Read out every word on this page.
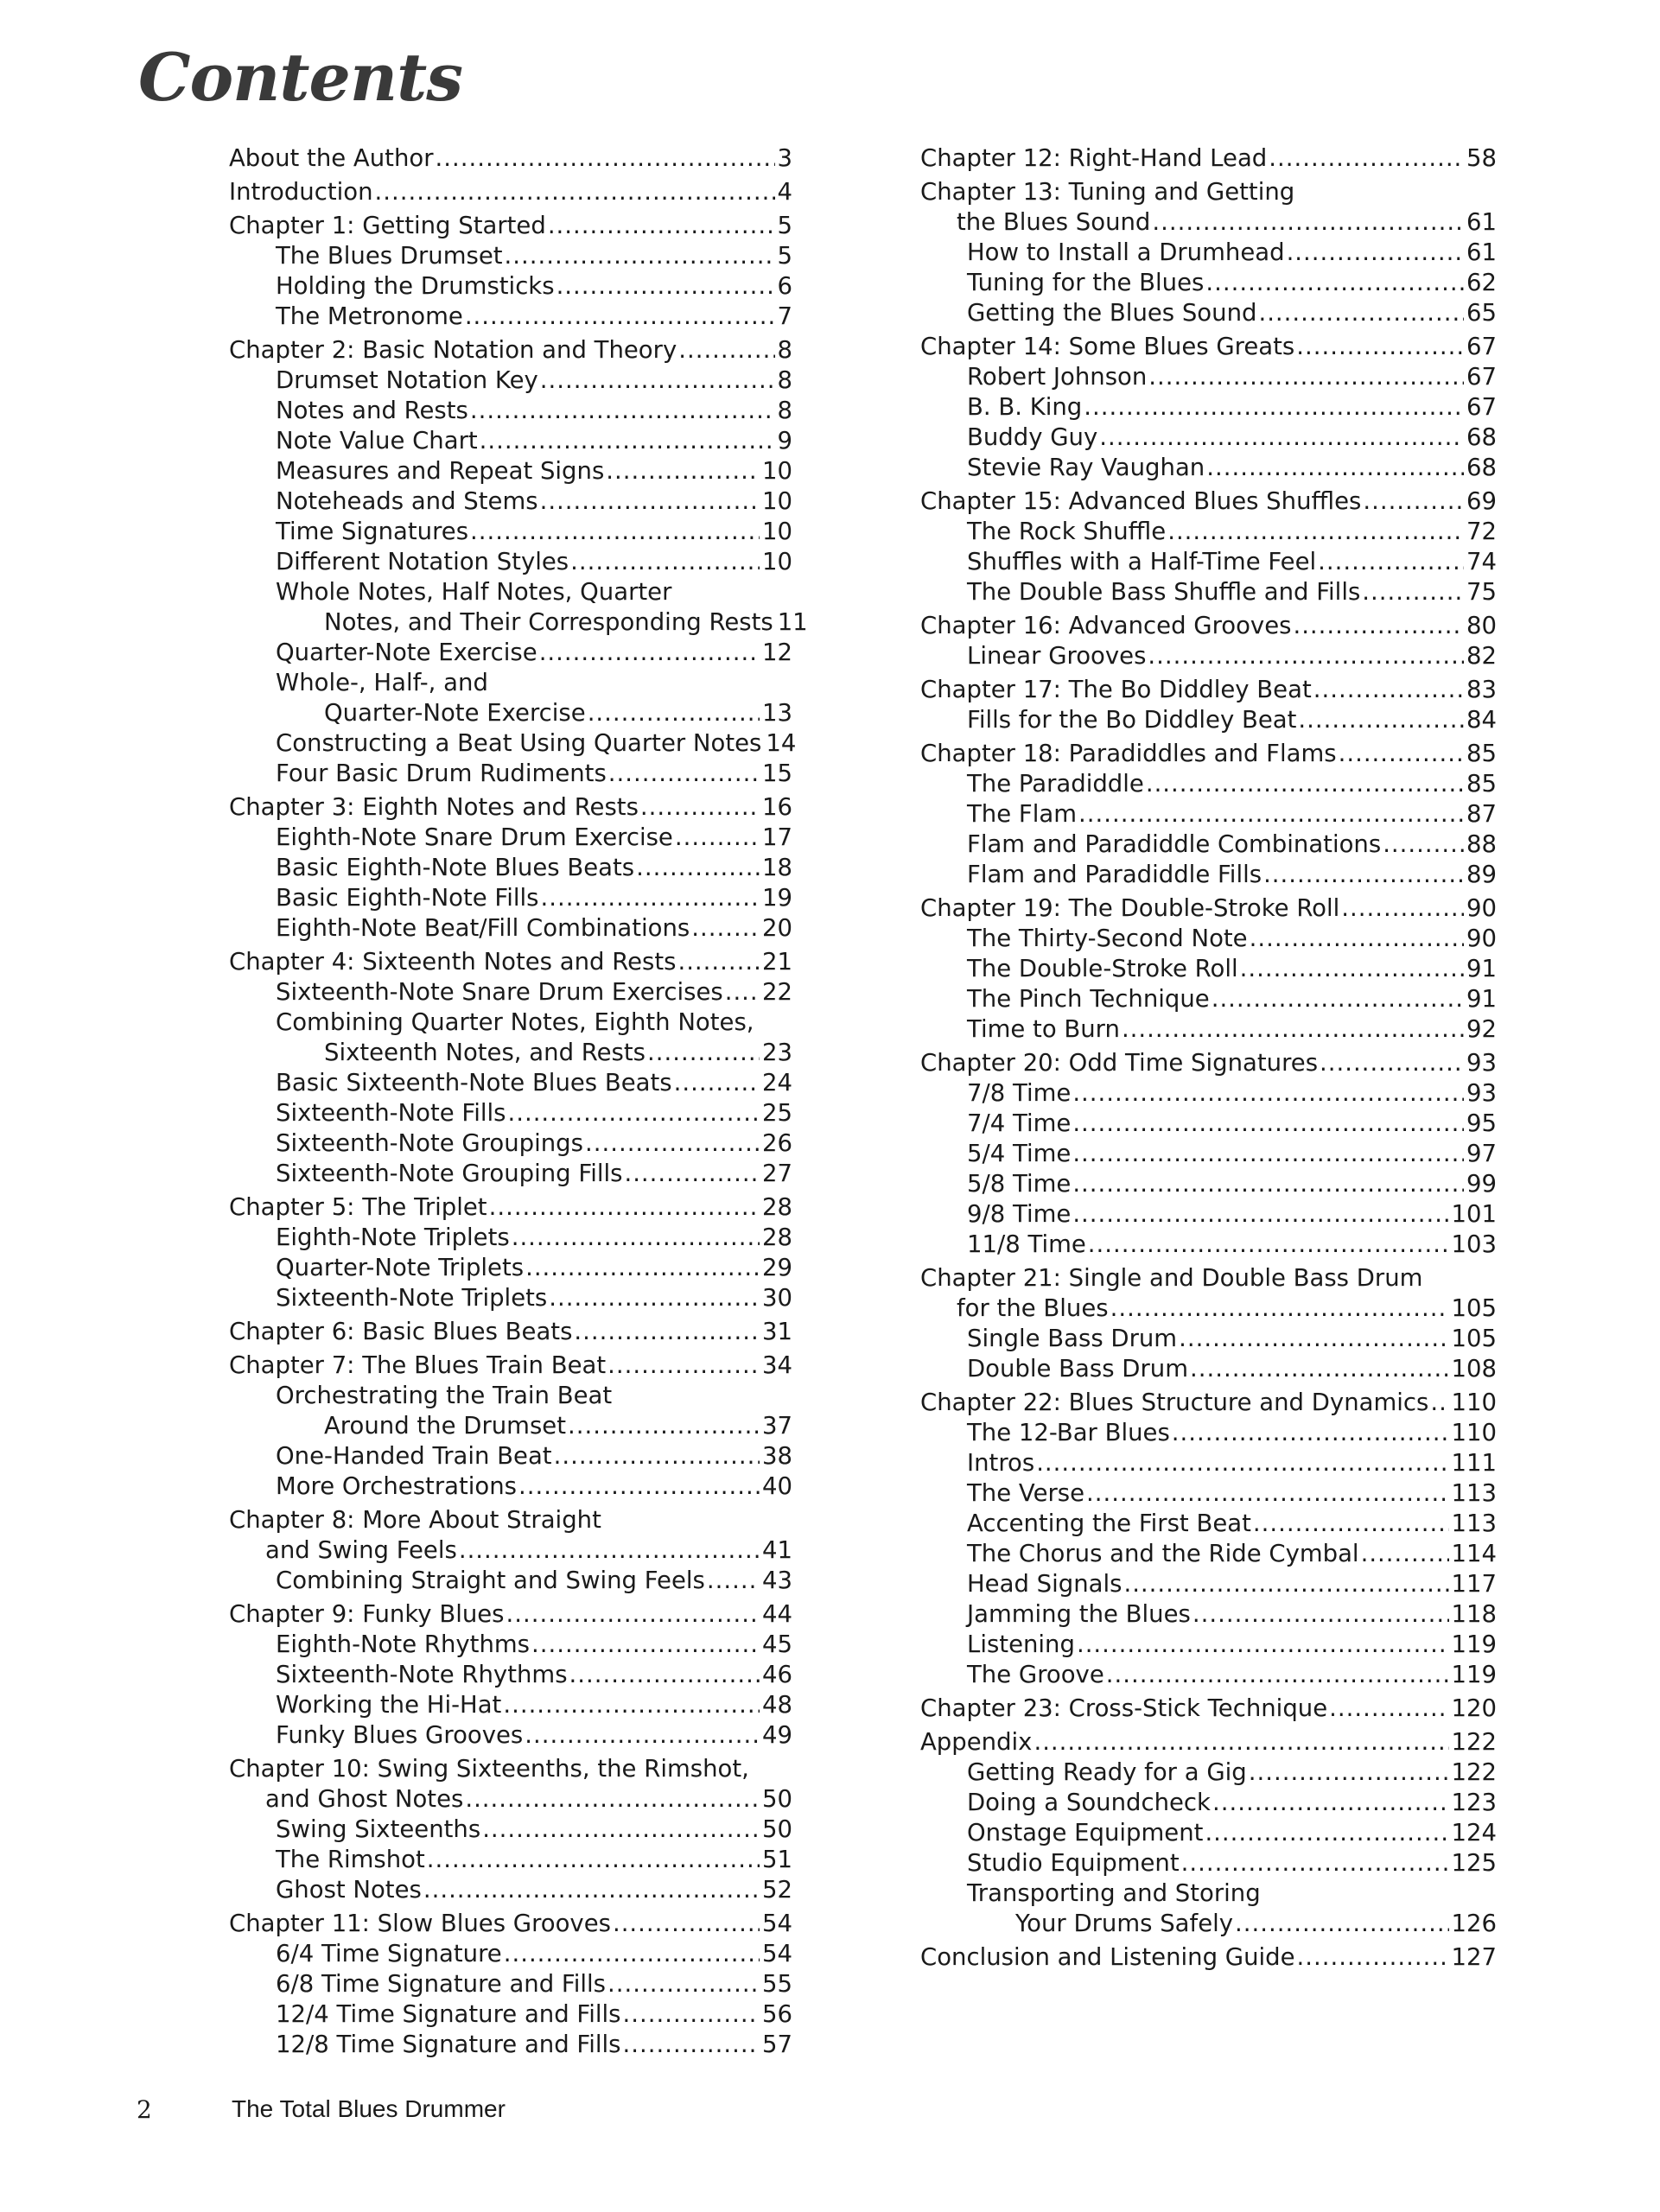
Contents
About the Author .....	3
Introduction .....	4
Chapter 1: Getting Started .....	5
The Blues Drumset .....	5
Holding the Drumsticks .....	6
The Metronome .....	7
Chapter 2: Basic Notation and Theory .....	8
Drumset Notation Key .....	8
Notes and Rests .....	8
Note Value Chart .....	9
Measures and Repeat Signs .....	10
Noteheads and Stems .....	10
Time Signatures .....	10
Different Notation Styles .....	10
Whole Notes, Half Notes, Quarter
Notes, and Their Corresponding Rests 11
Quarter-Note Exercise .....	12
Whole-, Half-, and
Quarter-Note Exercise .....	13
Constructing a Beat Using Quarter Notes 14
Four Basic Drum Rudiments .....	15
Chapter 3: Eighth Notes and Rests .....	16
Eighth-Note Snare Drum Exercise .....	17
Basic Eighth-Note Blues Beats .....	18
Basic Eighth-Note Fills .....	19
Eighth-Note Beat/Fill Combinations .....	20
Chapter 4: Sixteenth Notes and Rests .....	21
Sixteenth-Note Snare Drum Exercises ..... 22
Combining Quarter Notes, Eighth Notes,
Sixteenth Notes, and Rests .....	23
Basic Sixteenth-Note Blues Beats .....	24
Sixteenth-Note Fills .....	25
Sixteenth-Note Groupings .....	26
Sixteenth-Note Grouping Fills .....	27
Chapter 5: The Triplet .....	28
Eighth-Note Triplets .....	28
Quarter-Note Triplets .....	29
Sixteenth-Note Triplets .....	30
Chapter 6: Basic Blues Beats .....	31
Chapter 7: The Blues Train Beat .....	34
Orchestrating the Train Beat
Around the Drumset .....	37
One-Handed Train Beat .....	38
More Orchestrations .....	40
Chapter 8: More About Straight
and Swing Feels .....	41
Combining Straight and Swing Feels ..... 43
Chapter 9: Funky Blues .....	44
Eighth-Note Rhythms .....	45
Sixteenth-Note Rhythms .....	46
Working the Hi-Hat .....	48
Funky Blues Grooves .....	49
Chapter 10: Swing Sixteenths, the Rimshot,
and Ghost Notes .....	50
Swing Sixteenths .....	50
The Rimshot .....	51
Ghost Notes .....	52
Chapter 11: Slow Blues Grooves .....	54
6/4 Time Signature .....	54
6/8 Time Signature and Fills .....	55
12/4 Time Signature and Fills .....	56
12/8 Time Signature and Fills .....	57
Chapter 12: Right-Hand Lead .....	58
Chapter 13: Tuning and Getting
the Blues Sound .....	61
How to Install a Drumhead .....	61
Tuning for the Blues .....	62
Getting the Blues Sound .....	65
Chapter 14: Some Blues Greats .....	67
Robert Johnson .....	67
B. B. King .....	67
Buddy Guy .....	68
Stevie Ray Vaughan .....	68
Chapter 15: Advanced Blues Shuffles .....	69
The Rock Shuffle .....	72
Shuffles with a Half-Time Feel .....	74
The Double Bass Shuffle and Fills .....	75
Chapter 16: Advanced Grooves .....	80
Linear Grooves .....	82
Chapter 17: The Bo Diddley Beat .....	83
Fills for the Bo Diddley Beat .....	84
Chapter 18: Paradiddles and Flams .....	85
The Paradiddle .....	85
The Flam .....	87
Flam and Paradiddle Combinations .....	88
Flam and Paradiddle Fills .....	89
Chapter 19: The Double-Stroke Roll .....	90
The Thirty-Second Note .....	90
The Double-Stroke Roll .....	91
The Pinch Technique .....	91
Time to Burn .....	92
Chapter 20: Odd Time Signatures .....	93
7/8 Time .....	93
7/4 Time .....	95
5/4 Time .....	97
5/8 Time .....	99
9/8 Time .....	101
11/8 Time .....	103
Chapter 21: Single and Double Bass Drum
for the Blues .....	105
Single Bass Drum .....	105
Double Bass Drum .....	108
Chapter 22: Blues Structure and Dynamics ..... 110
The 12-Bar Blues .....	110
Intros .....	111
The Verse .....	113
Accenting the First Beat .....	113
The Chorus and the Ride Cymbal .....	114
Head Signals .....	117
Jamming the Blues .....	118
Listening .....	119
The Groove .....	119
Chapter 23: Cross-Stick Technique .....	120
Appendix .....	122
Getting Ready for a Gig .....	122
Doing a Soundcheck .....	123
Onstage Equipment .....	124
Studio Equipment .....	125
Transporting and Storing
Your Drums Safely .....	126
Conclusion and Listening Guide .....	127
2	The Total Blues Drummer
